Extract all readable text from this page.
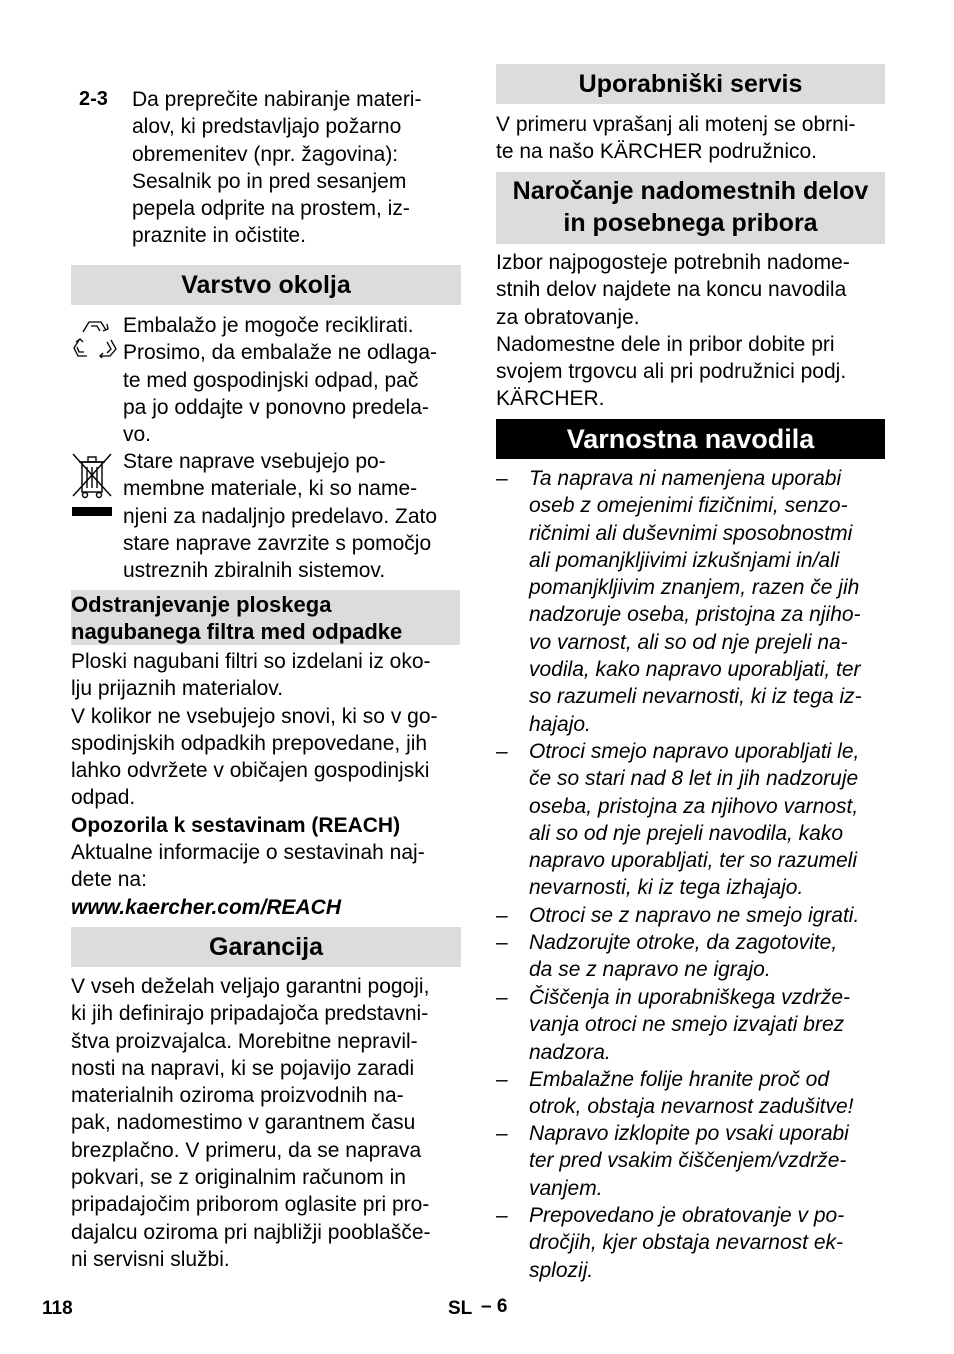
2-3 Da preprečite nabiranje materi-

alov, ki predstavljajo požarno

obremenitev (npr. žagovina):

Sesalnik po in pred sesanjem

pepela odprite na prostem, iz-

praznite in očistite.

Varstvo okolja

Embalažo je mogoče reciklirati.

Prosimo, da embalaže ne odlaga-

te med gospodinjski odpad, pač

pa jo oddajte v ponovno predela-

vo.

Stare naprave vsebujejo po-

membne materiale, ki so name-

njeni za nadaljnjo predelavo. Zato

stare naprave zavrzite s pomočjo

ustreznih zbiralnih sistemov.

Odstranjevanje ploskega
nagubanega filtra med odpadke

Ploski nagubani filtri so izdelani iz oko-

lju prijaznih materialov.

V kolikor ne vsebujejo snovi, ki so v go-

spodinjskih odpadkih prepovedane, jih

lahko odvržete v običajen gospodinjski

odpad.

Opozorila k sestavinam (REACH)

Aktualne informacije o sestavinah naj-

dete na:

www.kaercher.com/REACH

Garancija

V vseh deželah veljajo garantni pogoji,

ki jih definirajo pripadajoča predstavni-

štva proizvajalca. Morebitne nepravil-

nosti na napravi, ki se pojavijo zaradi

materialnih oziroma proizvodnih na-

pak, nadomestimo v garantnem času

brezplačno. V primeru, da se naprava

pokvari, se z originalnim računom in

pripadajočim priborom oglasite pri pro-

dajalcu oziroma pri najbližji pooblašče-

ni servisni službi.

Uporabniški servis

V primeru vprašanj ali motenj se obrni-

te na našo KÄRCHER podružnico.

Naročanje nadomestnih delov
in posebnega pribora

Izbor najpogosteje potrebnih nadome-

stnih delov najdete na koncu navodila

za obratovanje.

Nadomestne dele in pribor dobite pri

svojem trgovcu ali pri podružnici podj.

KÄRCHER.

Varnostna navodila
–	Ta naprava ni namenjena uporabi
oseb z omejenimi fizičnimi, senzo-
ričnimi ali duševnimi sposobnostmi
ali pomanjkljivimi izkušnjami in/ali
pomanjkljivim znanjem, razen če jih
nadzoruje oseba, pristojna za njiho-
vo varnost, ali so od nje prejeli na-
vodila, kako napravo uporabljati, ter
so razumeli nevarnosti, ki iz tega iz-
hajajo.
–	Otroci smejo napravo uporabljati le,
če so stari nad 8 let in jih nadzoruje
oseba, pristojna za njihovo varnost,
ali so od nje prejeli navodila, kako
napravo uporabljati, ter so razumeli
nevarnosti, ki iz tega izhajajo.
–	Otroci se z napravo ne smejo igrati.
–	Nadzorujte otroke, da zagotovite,
da se z napravo ne igrajo.
–	Čiščenja in uporabniškega vzdrže-
vanja otroci ne smejo izvajati brez
nadzora.
–	Embalažne folije hranite proč od
otrok, obstaja nevarnost zadušitve!
–	Napravo izklopite po vsaki uporabi
ter pred vsakim čiščenjem/vzdrže-
vanjem.
–	Prepovedano je obratovanje v po-
dročjih, kjer obstaja nevarnost ek-
splozij.
118	SL – 6
